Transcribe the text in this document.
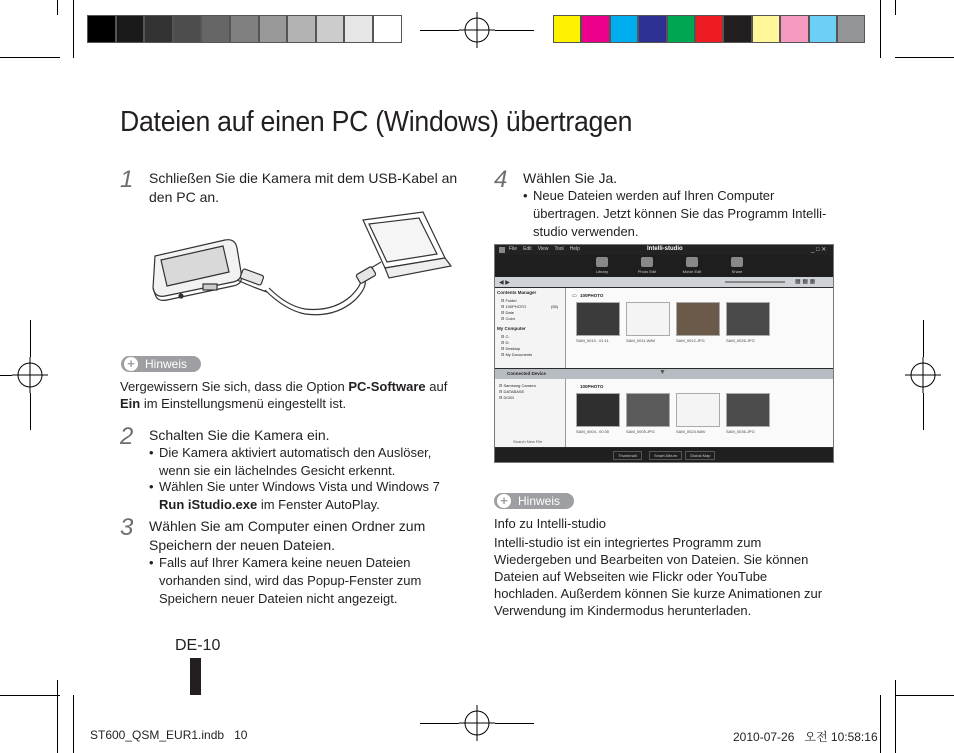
Dateien auf einen PC (Windows) übertragen
1 Schließen Sie die Kamera mit dem USB-Kabel an den PC an.
+ Hinweis
Vergewissern Sie sich, dass die Option PC-Software auf Ein im Einstellungsmenü eingestellt ist.
2 Schalten Sie die Kamera ein.
• Die Kamera aktiviert automatisch den Auslöser, wenn sie ein lächelndes Gesicht erkennt.
• Wählen Sie unter Windows Vista und Windows 7 Run iStudio.exe im Fenster AutoPlay.
3 Wählen Sie am Computer einen Ordner zum Speichern der neuen Dateien.
• Falls auf Ihrer Kamera keine neuen Dateien vorhanden sind, wird das Popup-Fenster zum Speichern neuer Dateien nicht angezeigt.
4 Wählen Sie Ja.
• Neue Dateien werden auf Ihren Computer übertragen. Jetzt können Sie das Programm Intelli-studio verwenden.
File Edit View Tool Help	Intelli-studio	_ □ ✕
Library	Photo Edit	Movie Edit	Share
◀ ▶	▦ ▦ ▦
Contents Manager
⊟ Folder
⊟ 100PHOTO
⊟ Date
⊟ Color
(55)
My Computer
⊟ C:
⊟ D:
⊟ Desktop
⊟ My Documents
100PHOTO
▭
SAM_0010.. 01:11	SAM_0011.WAV	SAM_0012.JPG	SAM_0026.JPG
Connected Device	▼
⊟ Samsung Camera
⊟ DATABASE
⊟ DCIM
Search New File
100PHOTO
SAM_0004.. 00:30	SAM_0005.JPG	SAM_0024.WAV	SAM_0036.JPG
Thumbnail	Smart Album	Global Map
+ Hinweis
Info zu Intelli-studio
Intelli-studio ist ein integriertes Programm zum Wiedergeben und Bearbeiten von Dateien. Sie können Dateien auf Webseiten wie Flickr oder YouTube hochladen. Außerdem können Sie kurze Animationen zur Verwendung im Kindermodus herunterladen.
DE-10
ST600_QSM_EUR1.indb   10	2010-07-26   오전 10:58:16
